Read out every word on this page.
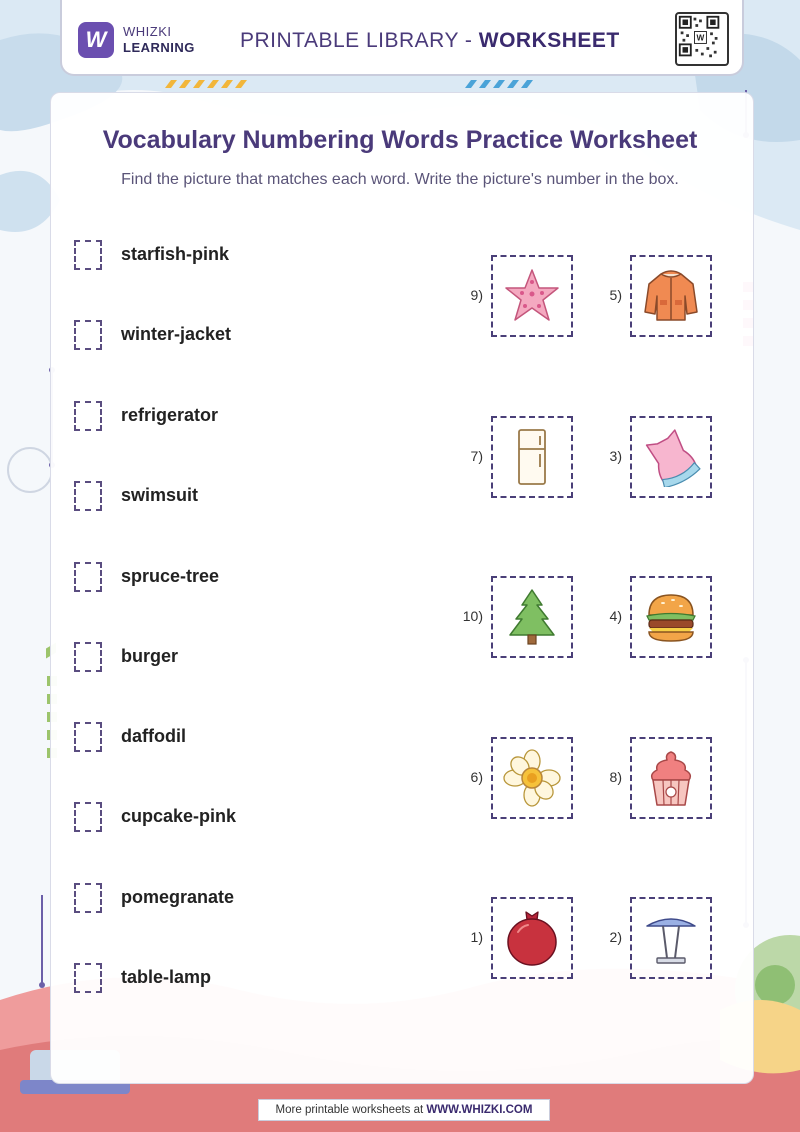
W WHIZKI
LEARNING PRINTABLE LIBRARY - WORKSHEET	W
Vocabulary Numbering Words Practice Worksheet

Find the picture that matches each word. Write the picture's number in the box.

starfish-pink
winter-jacket
refrigerator
swimsuit
spruce-tree
burger
daffodil
cupcake-pink
pomegranate
table-lamp
9)	5)
7)	3)
10)	4)
6)	8)
1)	2)
More printable worksheets at WWW.WHIZKI.COM
